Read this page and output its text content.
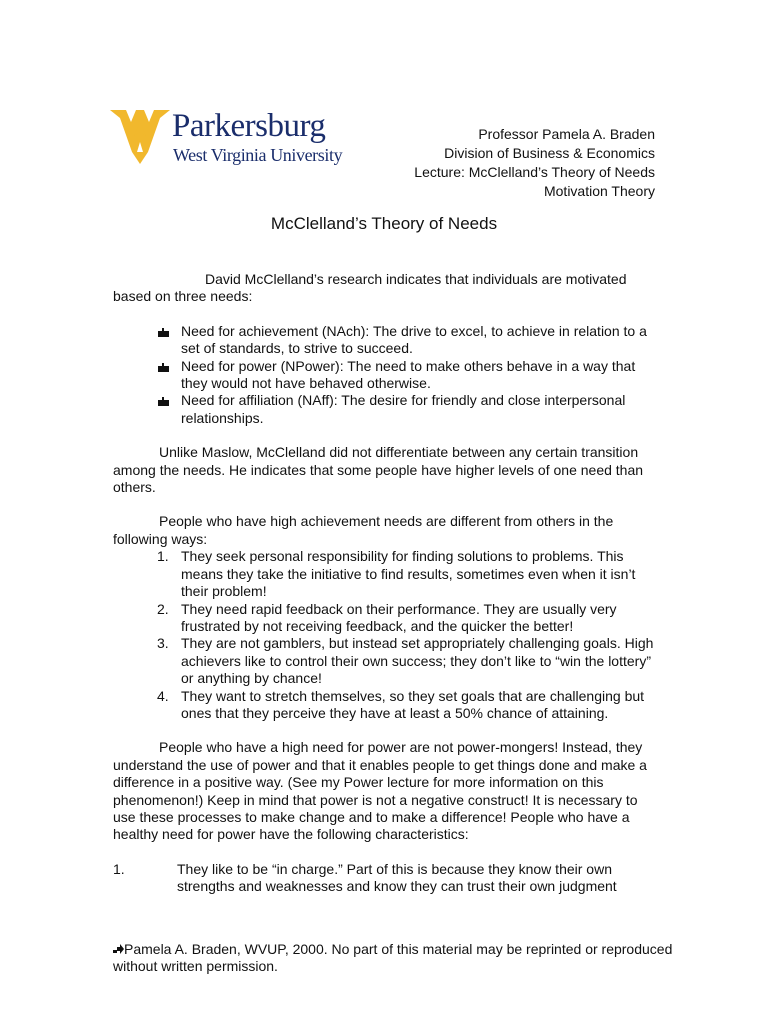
Parkersburg
West Virginia University
Professor Pamela A. Braden
Division of Business & Economics
Lecture: McClelland’s Theory of Needs
Motivation Theory
McClelland’s Theory of Needs

David McClelland’s research indicates that individuals are motivated based on three needs:

Need for achievement (NAch): The drive to excel, to achieve in relation to a set of standards, to strive to succeed.
Need for power (NPower): The need to make others behave in a way that they would not have behaved otherwise.
Need for affiliation (NAff): The desire for friendly and close interpersonal relationships.

Unlike Maslow, McClelland did not differentiate between any certain transition among the needs. He indicates that some people have higher levels of one need than others.

People who have high achievement needs are different from others in the following ways:

1. They seek personal responsibility for finding solutions to problems. This means they take the initiative to find results, sometimes even when it isn’t their problem!
2. They need rapid feedback on their performance. They are usually very frustrated by not receiving feedback, and the quicker the better!
3. They are not gamblers, but instead set appropriately challenging goals. High achievers like to control their own success; they don’t like to “win the lottery” or anything by chance!
4. They want to stretch themselves, so they set goals that are challenging but ones that they perceive they have at least a 50% chance of attaining.

People who have a high need for power are not power-mongers! Instead, they understand the use of power and that it enables people to get things done and make a difference in a positive way. (See my Power lecture for more information on this phenomenon!) Keep in mind that power is not a negative construct! It is necessary to use these processes to make change and to make a difference! People who have a healthy need for power have the following characteristics:

1.	They like to be “in charge.” Part of this is because they know their own strengths and weaknesses and know they can trust their own judgment
Pamela A. Braden, WVUP, 2000. No part of this material may be reprinted or reproduced without written permission.
